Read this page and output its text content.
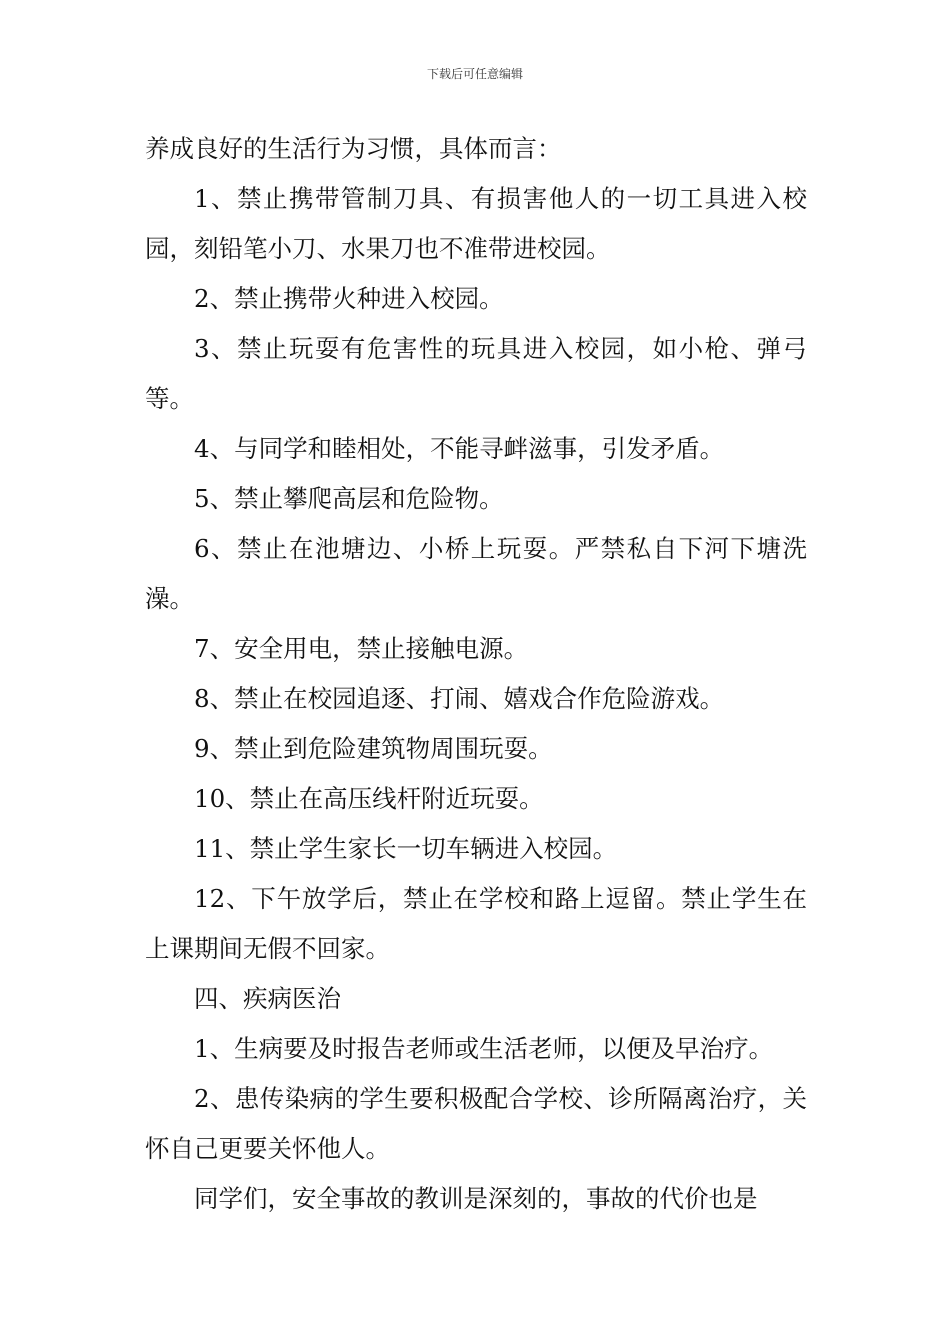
下载后可任意编辑

养成良好的生活行为习惯，具体而言：

1、禁止携带管制刀具、有损害他人的一切工具进入校园，刻铅笔小刀、水果刀也不准带进校园。

2、禁止携带火种进入校园。

3、禁止玩耍有危害性的玩具进入校园，如小枪、弹弓等。

4、与同学和睦相处，不能寻衅滋事，引发矛盾。

5、禁止攀爬高层和危险物。

6、禁止在池塘边、小桥上玩耍。严禁私自下河下塘洗澡。

7、安全用电，禁止接触电源。

8、禁止在校园追逐、打闹、嬉戏合作危险游戏。

9、禁止到危险建筑物周围玩耍。

10、禁止在高压线杆附近玩耍。

11、禁止学生家长一切车辆进入校园。

12、下午放学后，禁止在学校和路上逗留。禁止学生在上课期间无假不回家。

四、疾病医治

1、生病要及时报告老师或生活老师，以便及早治疗。

2、患传染病的学生要积极配合学校、诊所隔离治疗，关怀自己更要关怀他人。

同学们，安全事故的教训是深刻的，事故的代价也是
